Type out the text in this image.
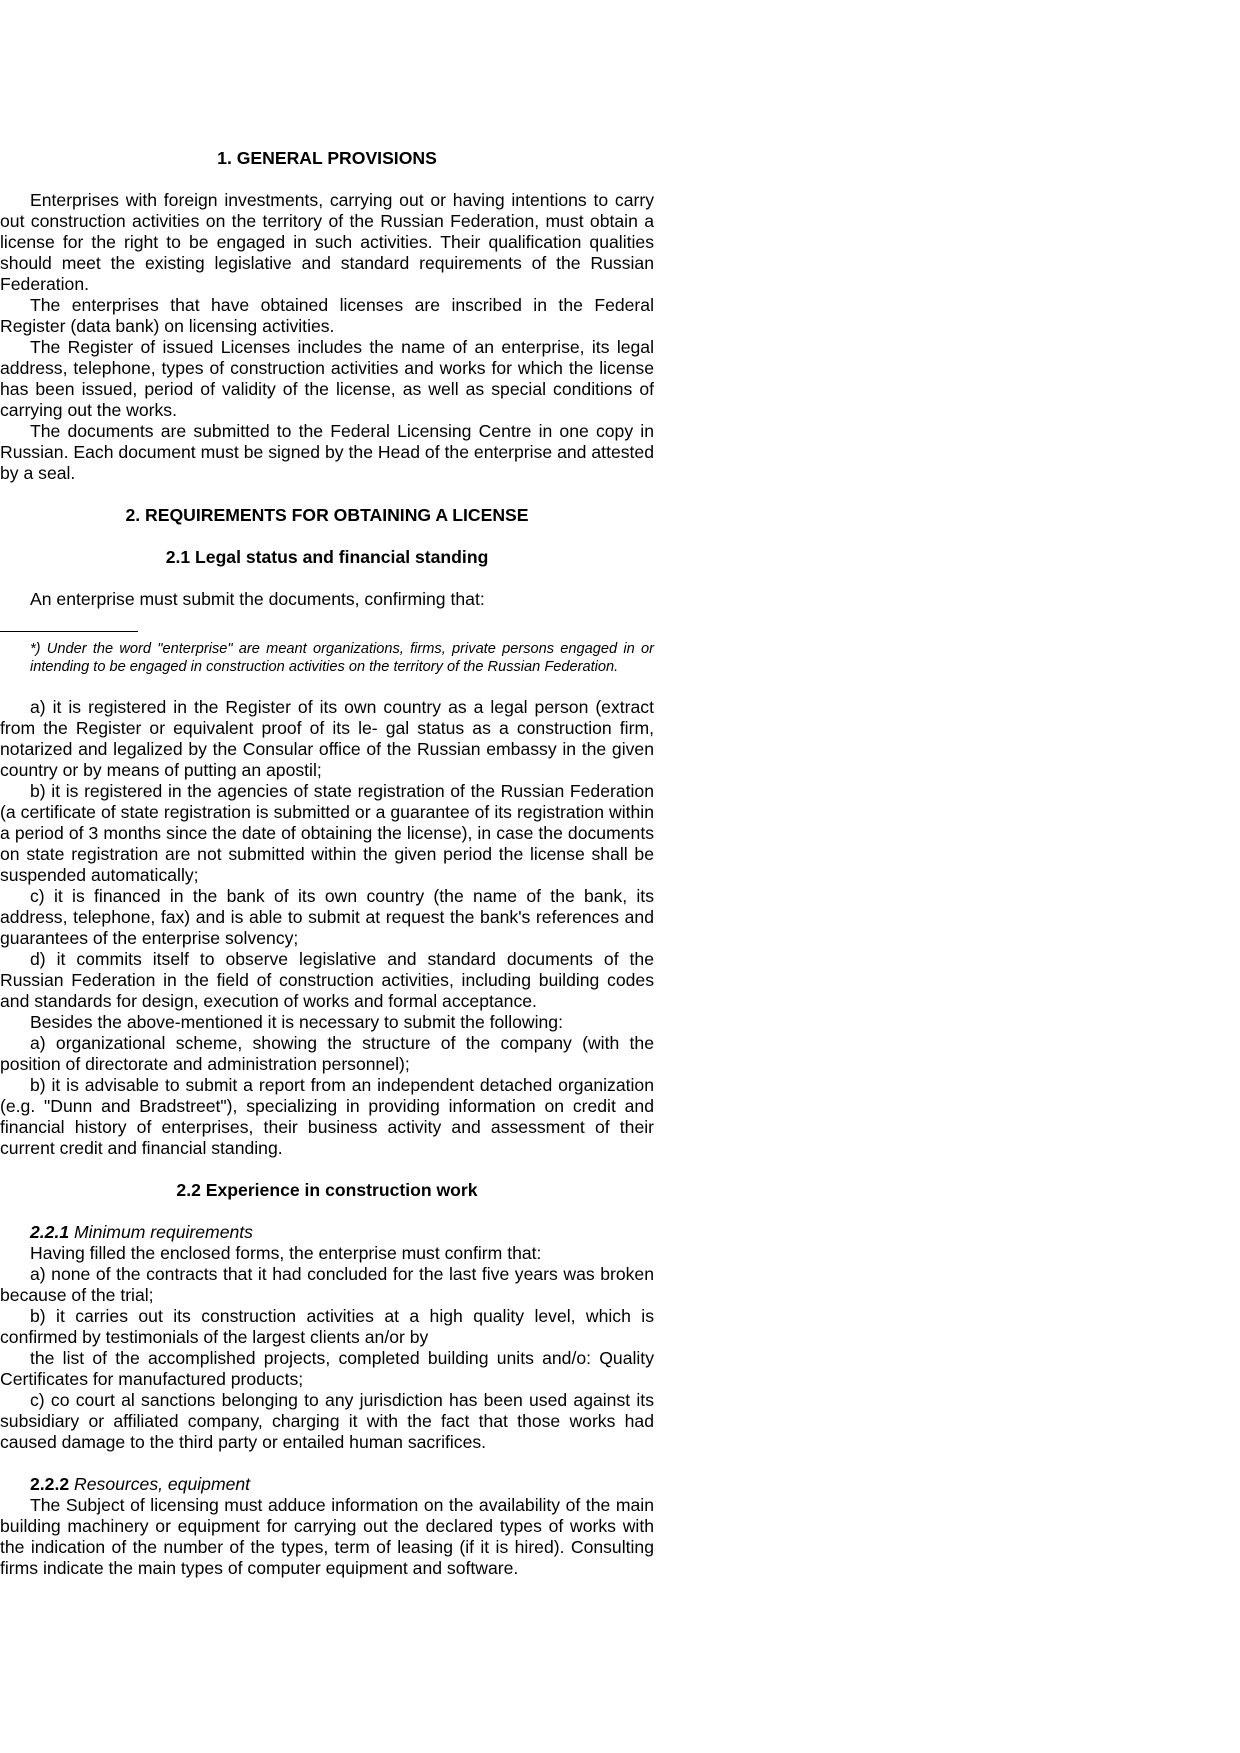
1. GENERAL PROVISIONS

Enterprises with foreign investments, carrying out or having intentions to carry out construction activities on the territory of the Russian Federation, must obtain a license for the right to be engaged in such activities. Their qualification qualities should meet the existing legislative and standard requirements of the Russian Federation.

The enterprises that have obtained licenses are inscribed in the Federal Register (data bank) on licensing activities.

The Register of issued Licenses includes the name of an enterprise, its legal address, telephone, types of construction activities and works for which the license has been issued, period of validity of the license, as well as special conditions of carrying out the works.

The documents are submitted to the Federal Licensing Centre in one copy in Russian. Each document must be signed by the Head of the enterprise and attested by a seal.

2. REQUIREMENTS FOR OBTAINING A LICENSE

2.1 Legal status and financial standing

An enterprise must submit the documents, confirming that:

*) Under the word "enterprise" are meant organizations, firms, private persons engaged in or intending to be engaged in construction activities on the territory of the Russian Federation.

a) it is registered in the Register of its own country as a legal person (extract from the Register or equivalent proof of its le- gal status as a construction firm, notarized and legalized by the Consular office of the Russian embassy in the given country or by means of putting an apostil;

b) it is registered in the agencies of state registration of the Russian Federation (a certificate of state registration is submitted or a guarantee of its registration within a period of 3 months since the date of obtaining the license), in case the documents on state registration are not submitted within the given period the license shall be suspended automatically;

c) it is financed in the bank of its own country (the name of the bank, its address, telephone, fax) and is able to submit at request the bank's references and guarantees of the enterprise solvency;

d) it commits itself to observe legislative and standard documents of the Russian Federation in the field of construction activities, including building codes and standards for design, execution of works and formal acceptance.

Besides the above-mentioned it is necessary to submit the following:

a) organizational scheme, showing the structure of the company (with the position of directorate and administration personnel);

b) it is advisable to submit a report from an independent detached organization (e.g. "Dunn and Bradstreet"), specializing in providing information on credit and financial history of enterprises, their business activity and assessment of their current credit and financial standing.

2.2 Experience in construction work

2.2.1 Minimum requirements

Having filled the enclosed forms, the enterprise must confirm that:

a) none of the contracts that it had concluded for the last five years was broken because of the trial;

b) it carries out its construction activities at a high quality level, which is confirmed by testimonials of the largest clients an/or by

the list of the accomplished projects, completed building units and/o: Quality Certificates for manufactured products;

c) co court al sanctions belonging to any jurisdiction has been used against its subsidiary or affiliated company, charging it with the fact that those works had caused damage to the third party or entailed human sacrifices.

2.2.2 Resources, equipment

The Subject of licensing must adduce information on the availability of the main building machinery or equipment for carrying out the declared types of works with the indication of the number of the types, term of leasing (if it is hired). Consulting firms indicate the main types of computer equipment and software.
